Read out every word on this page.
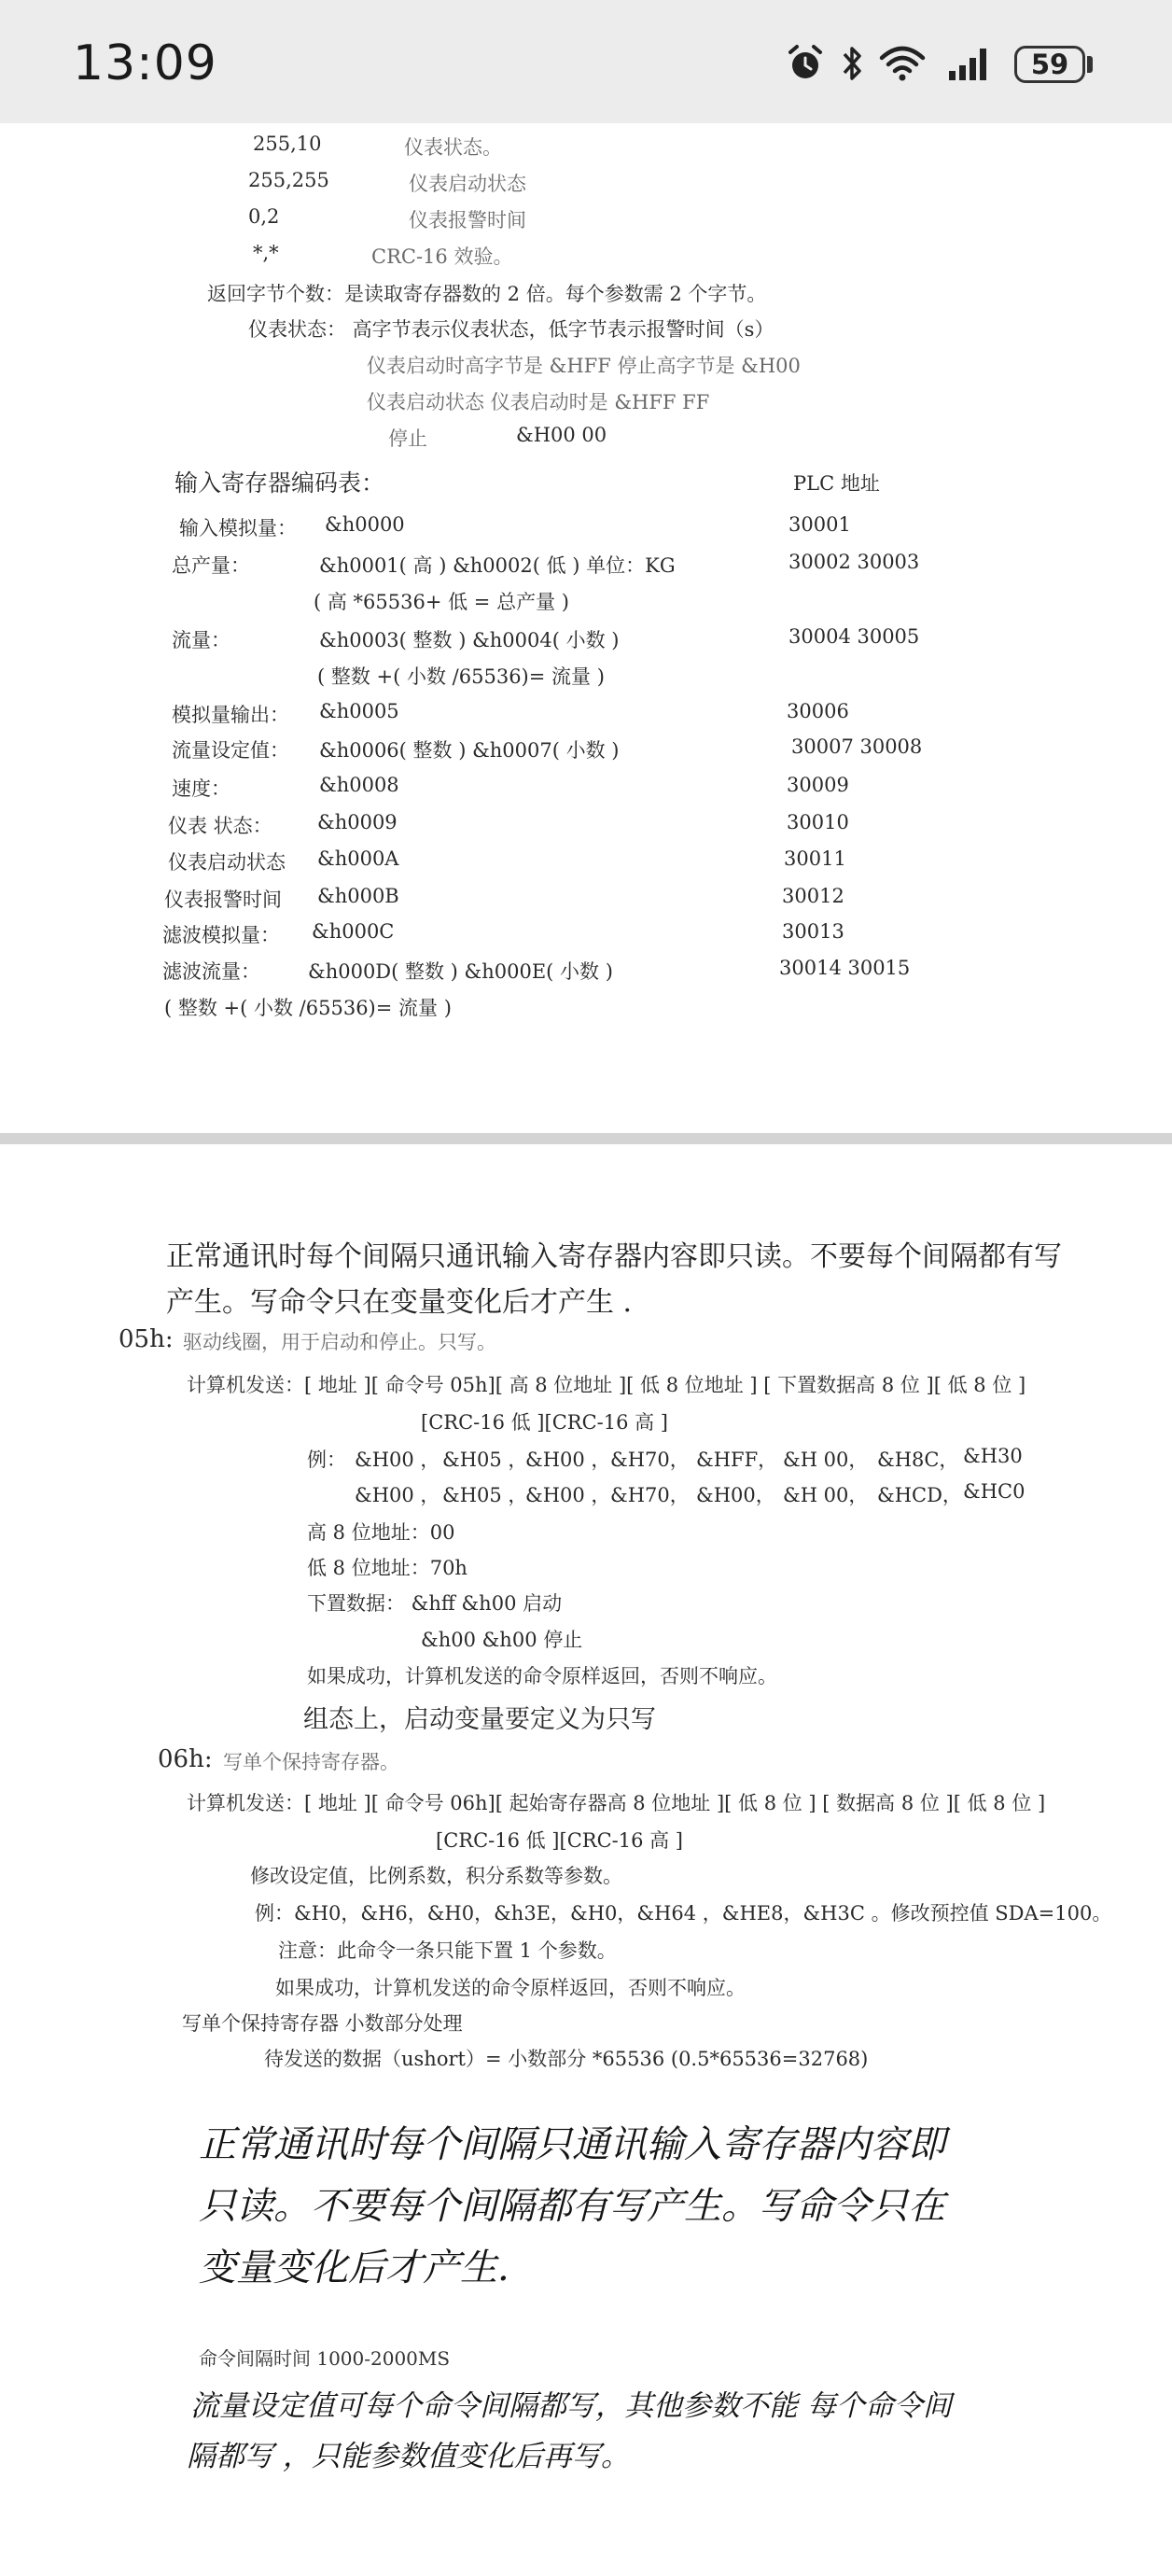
13:09	59
255,10	仪表状态。
255,255	仪表启动状态
0,2	仪表报警时间
*,*	CRC-16 效验。
返回字节个数：是读取寄存器数的 2 倍。每个参数需 2 个字节。
仪表状态： 高字节表示仪表状态，低字节表示报警时间（s）
仪表启动时高字节是 &HFF 停止高字节是 &H00
仪表启动状态 仪表启动时是 &HFF FF
停止	&H00 00
输入寄存器编码表：	PLC 地址
输入模拟量： &h0000	30001
总产量：	&h0001( 高 ) &h0002( 低 ) 单位：KG	30002 30003
( 高 *65536+ 低 = 总产量 )
流量：	&h0003( 整数 ) &h0004( 小数 )	30004 30005
( 整数 +( 小数 /65536)= 流量 )
模拟量输出： &h0005	30006
流量设定值： &h0006( 整数 ) &h0007( 小数 )	30007 30008
速度：	&h0008	30009
仪表 状态： &h0009	30010
仪表启动状态 &h000A	30011
仪表报警时间 &h000B	30012
滤波模拟量： &h000C	30013
滤波流量： &h000D( 整数 ) &h000E( 小数 )	30014 30015
( 整数 +( 小数 /65536)= 流量 )
正常通讯时每个间隔只通讯输入寄存器内容即只读。不要每个间隔都有写
产生。写命令只在变量变化后才产生 .
05h: 驱动线圈，用于启动和停止。只写。
计算机发送：[ 地址 ][ 命令号 05h][ 高 8 位地址 ][ 低 8 位地址 ] [ 下置数据高 8 位 ][ 低 8 位 ]
[CRC-16 低 ][CRC-16 高 ]
例： &H00 ， &H05 ，
&H00 ， &H70， &HFF， &H 00， &H8C， &H30
&H00 ， &H05 ，
&H00 ， &H70， &H00， &H 00， &HCD， &HC0
高 8 位地址：00
低 8 位地址：70h
下置数据： &hff &h00 启动
&h00 &h00 停止
如果成功，计算机发送的命令原样返回，否则不响应。
组态上，启动变量要定义为只写
06h: 写单个保持寄存器。
计算机发送：[ 地址 ][ 命令号 06h][ 起始寄存器高 8 位地址 ][ 低 8 位 ] [ 数据高 8 位 ][ 低 8 位 ]
[CRC-16 低 ][CRC-16 高 ]
修改设定值，比例系数，积分系数等参数。
例：&H0，&H6，&H0，&h3E，&H0，&H64 ，&HE8，&H3C 。修改预控值 SDA=100。
注意：此命令一条只能下置 1 个参数。
如果成功，计算机发送的命令原样返回，否则不响应。
写单个保持寄存器 小数部分处理
待发送的数据（ushort）= 小数部分 *65536 (0.5*65536=32768)
正常通讯时每个间隔只通讯输入寄存器内容即
只读。不要每个间隔都有写产生。写命令只在
变量变化后才产生.
命令间隔时间 1000-2000MS
流量设定值可每个命令间隔都写，其他参数不能 每个命令间
隔都写 ，只能参数值变化后再写。
